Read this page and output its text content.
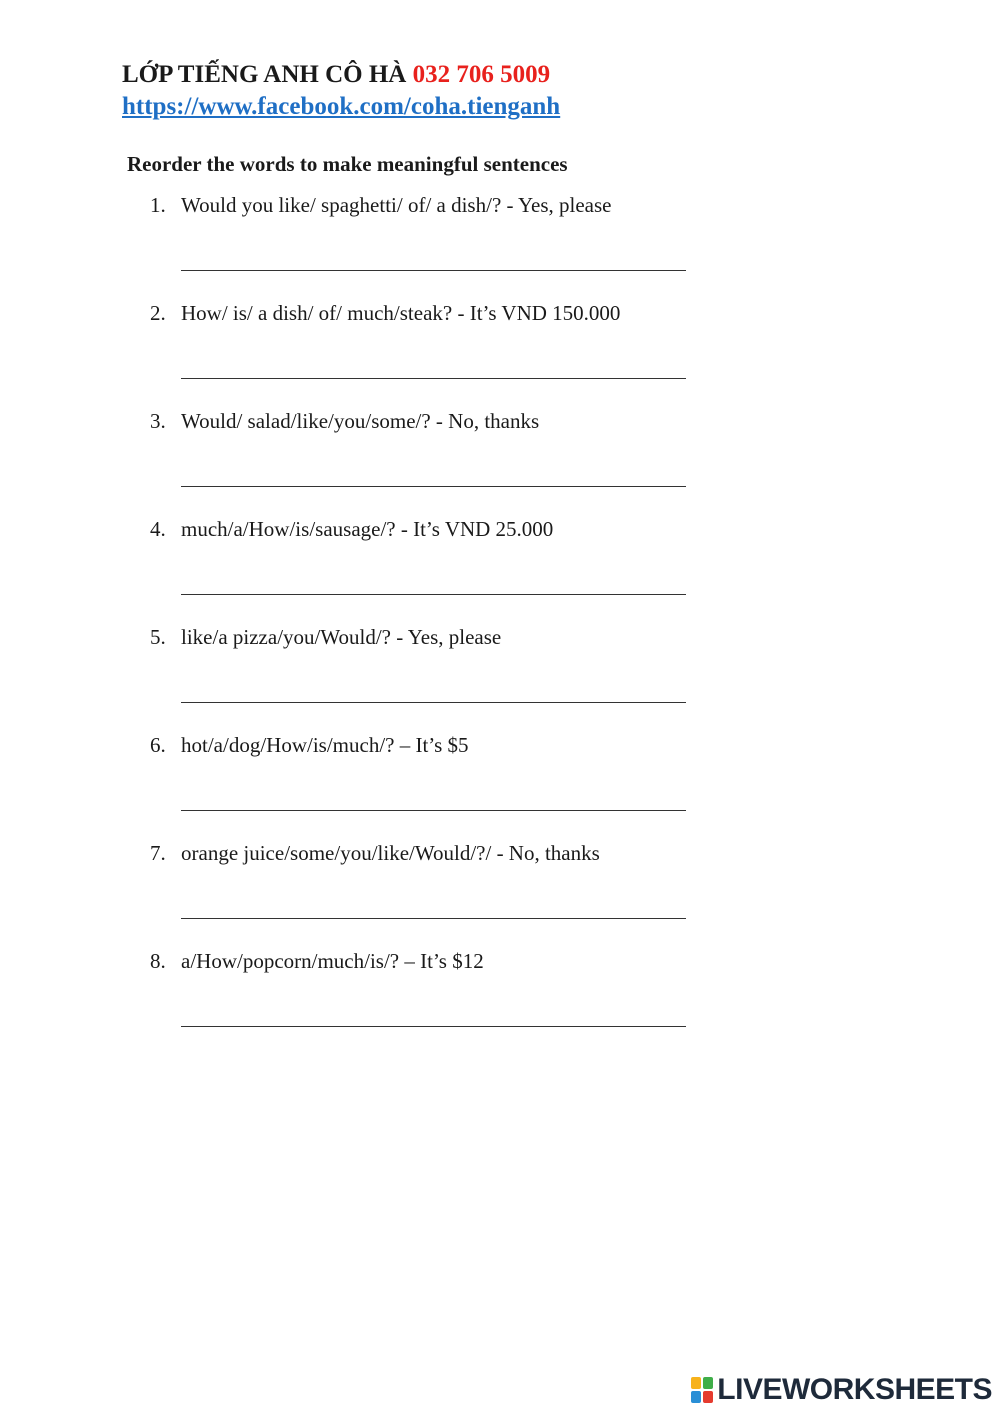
LỚP TIẾNG ANH CÔ HÀ 032 706 5009
https://www.facebook.com/coha.tienganh
Reorder the words to make meaningful sentences
1. Would you like/ spaghetti/ of/ a dish/? - Yes, please
2. How/ is/ a dish/ of/ much/steak? - It’s VND 150.000
3. Would/ salad/like/you/some/? - No, thanks
4. much/a/How/is/sausage/? - It’s VND 25.000
5. like/a pizza/you/Would/? - Yes, please
6. hot/a/dog/How/is/much/? – It’s $5
7. orange juice/some/you/like/Would/?/ - No, thanks
8. a/How/popcorn/much/is/? – It’s $12
LIVEWORKSHEETS
